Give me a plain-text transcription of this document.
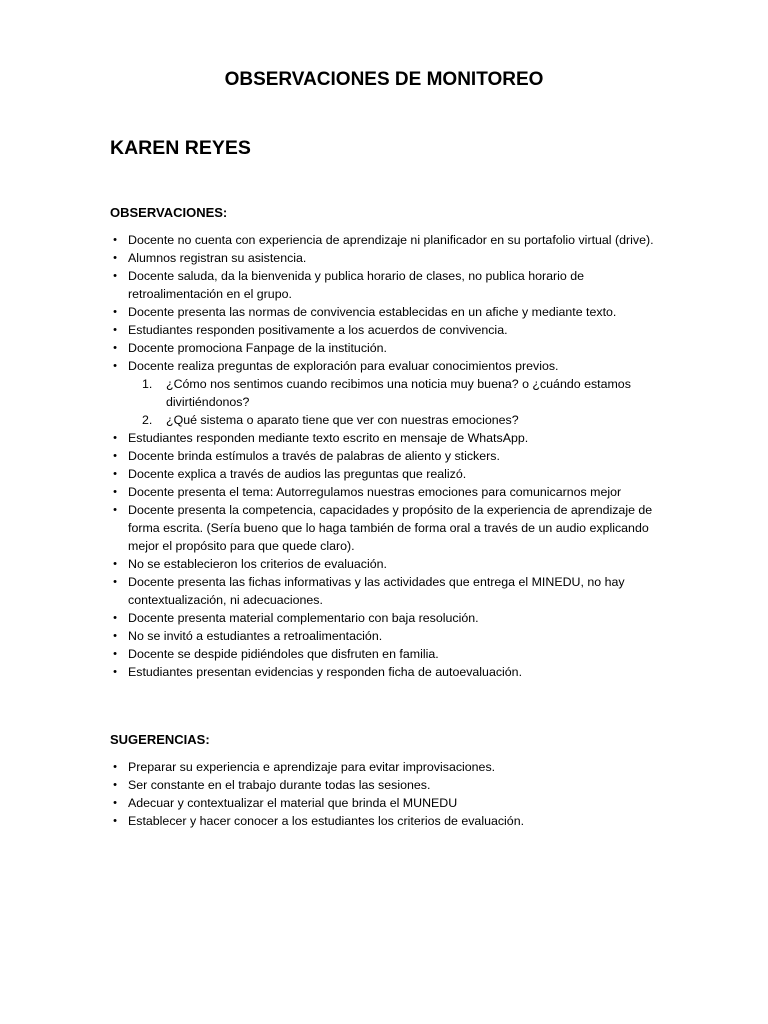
OBSERVACIONES DE MONITOREO
KAREN REYES
OBSERVACIONES:
• Docente no cuenta con experiencia de aprendizaje ni planificador en su portafolio virtual (drive).
• Alumnos registran su asistencia.
• Docente saluda, da la bienvenida y publica horario de clases, no publica horario de retroalimentación en el grupo.
• Docente presenta las normas de convivencia establecidas en un afiche y mediante texto.
• Estudiantes responden positivamente a los acuerdos de convivencia.
• Docente promociona Fanpage de la institución.
• Docente realiza preguntas de exploración para evaluar conocimientos previos.
1.	¿Cómo nos sentimos cuando recibimos una noticia muy buena? o ¿cuándo estamos divirtiéndonos?
2.	¿Qué sistema o aparato tiene que ver con nuestras emociones?
• Estudiantes responden mediante texto escrito en mensaje de WhatsApp.
• Docente brinda estímulos a través de palabras de aliento y stickers.
• Docente explica a través de audios las preguntas que realizó.
• Docente presenta el tema: Autorregulamos nuestras emociones para comunicarnos mejor
• Docente presenta la competencia, capacidades y propósito de la experiencia de aprendizaje de forma escrita. (Sería bueno que lo haga también de forma oral a través de un audio explicando mejor el propósito para que quede claro).
• No se establecieron los criterios de evaluación.
• Docente presenta las fichas informativas y las actividades que entrega el MINEDU, no hay contextualización, ni adecuaciones.
• Docente presenta material complementario con baja resolución.
• No se invitó a estudiantes a retroalimentación.
• Docente se despide pidiéndoles que disfruten en familia.
• Estudiantes presentan evidencias y responden ficha de autoevaluación.
SUGERENCIAS:
• Preparar su experiencia e aprendizaje para evitar improvisaciones.
• Ser constante en el trabajo durante todas las sesiones.
• Adecuar y contextualizar el material que brinda el MUNEDU
• Establecer y hacer conocer a los estudiantes los criterios de evaluación.
